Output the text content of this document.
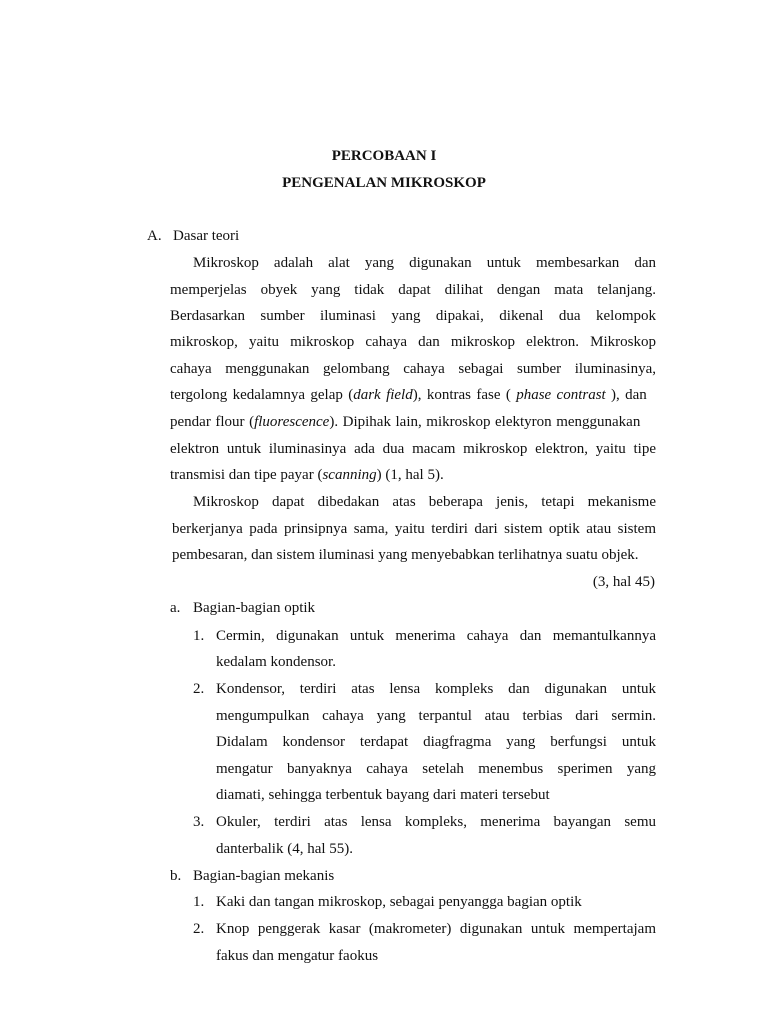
PERCOBAAN I
PENGENALAN MIKROSKOP
A. Dasar teori
Mikroskop adalah alat yang digunakan untuk membesarkan dan
memperjelas obyek yang tidak dapat dilihat dengan mata telanjang.
Berdasarkan sumber iluminasi yang dipakai, dikenal dua kelompok
mikroskop, yaitu mikroskop cahaya dan mikroskop elektron. Mikroskop
cahaya menggunakan gelombang cahaya sebagai sumber iluminasinya,
tergolong kedalamnya gelap (dark field), kontras fase ( phase contrast ), dan
pendar flour (fluorescence). Dipihak lain, mikroskop elektyron menggunakan
elektron untuk iluminasinya ada dua macam mikroskop elektron, yaitu tipe
transmisi dan tipe payar (scanning) (1, hal 5).
Mikroskop dapat dibedakan atas beberapa jenis, tetapi mekanisme
berkerjanya pada prinsipnya sama, yaitu terdiri dari sistem optik atau sistem
pembesaran, dan sistem iluminasi yang menyebabkan terlihatnya suatu objek.
(3, hal 45)
a. Bagian-bagian optik
1. Cermin, digunakan untuk menerima cahaya dan memantulkannya
kedalam kondensor.
2. Kondensor, terdiri atas lensa kompleks dan digunakan untuk
mengumpulkan cahaya yang terpantul atau terbias dari sermin.
Didalam kondensor terdapat diagfragma yang berfungsi untuk
mengatur banyaknya cahaya setelah menembus sperimen yang
diamati, sehingga terbentuk bayang dari materi tersebut
3. Okuler, terdiri atas lensa kompleks, menerima bayangan semu
danterbalik (4, hal 55).
b. Bagian-bagian mekanis
1. Kaki dan tangan mikroskop, sebagai penyangga bagian optik
2. Knop penggerak kasar (makrometer) digunakan untuk mempertajam
fakus dan mengatur faokus
